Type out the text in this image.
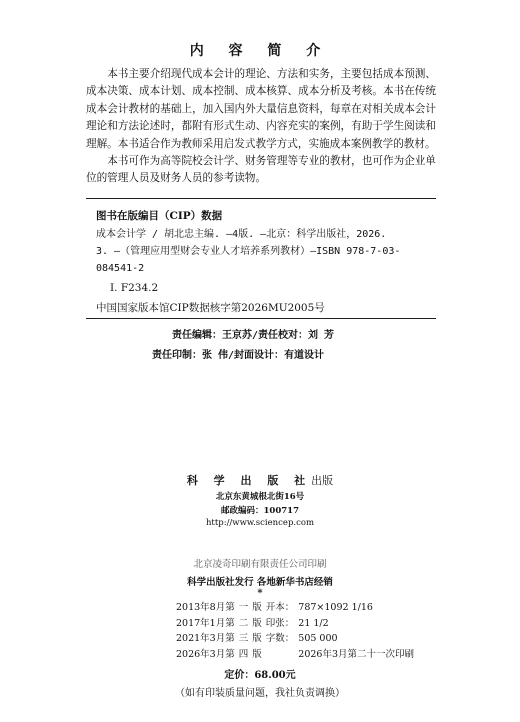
内 容 简 介

本书主要介绍现代成本会计的理论、方法和实务，主要包括成本预测、成本决策、成本计划、成本控制、成本核算、成本分析及考核。本书在传统成本会计教材的基础上，加入国内外大量信息资料，每章在对相关成本会计理论和方法论述时，都附有形式生动、内容充实的案例，有助于学生阅读和理解。本书适合作为教师采用启发式教学方式，实施成本案例教学的教材。

本书可作为高等院校会计学、财务管理等专业的教材，也可作为企业单位的管理人员及财务人员的参考读物。

图书在版编目（CIP）数据
成本会计学 / 胡北忠主编. —4版. —北京：科学出版社，2026.
3. —（管理应用型财会专业人才培养系列教材）—ISBN 978-7-03-
084541-2
Ⅰ. F234.2
中国国家版本馆CIP数据核字第2026MU2005号
责任编辑：王京苏/责任校对：刘 芳
责任印制：张 伟/封面设计：有道设计
科 学 出 版 社出版
北京东黄城根北街16号
邮政编码：100717
http://www.sciencep.com
北京凌奇印刷有限责任公司印刷
科学出版社发行 各地新华书店经销
*
2013年8月第	一	版	开本：	787×1092 1/16
2017年1月第	二	版	印张：	21 1/2
2021年3月第	三	版	字数：	505 000
2026年3月第	四	版		2026年3月第二十一次印刷
定价：68.00元
（如有印装质量问题，我社负责调换）
